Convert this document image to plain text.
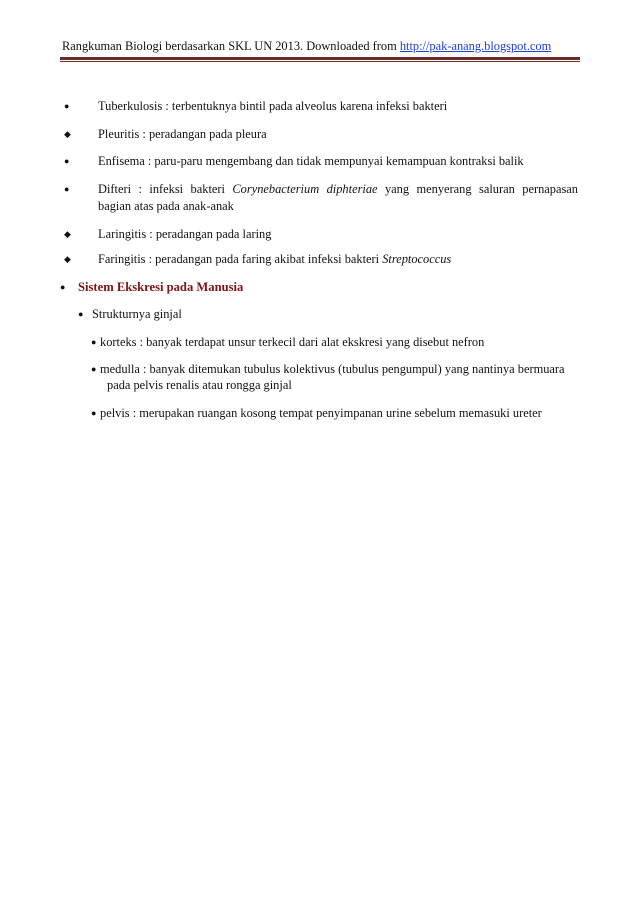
Rangkuman Biologi berdasarkan SKL UN 2013. Downloaded from http://pak-anang.blogspot.com
● Tuberkulosis : terbentuknya bintil pada alveolus karena infeksi bakteri
◆ Pleuritis : peradangan pada pleura
● Enfisema : paru-paru mengembang dan tidak mempunyai kemampuan kontraksi balik
● Difteri : infeksi bakteri Corynebacterium diphteriae yang menyerang saluran pernapasan
bagian atas pada anak-anak
◆ Laringitis : peradangan pada laring
◆ Faringitis : peradangan pada faring akibat infeksi bakteri Streptococcus
● Sistem Ekskresi pada Manusia
● Strukturnya ginjal
● korteks : banyak terdapat unsur terkecil dari alat ekskresi yang disebut nefron
● medulla : banyak ditemukan tubulus kolektivus (tubulus pengumpul) yang nantinya bermuara
pada pelvis renalis atau rongga ginjal
● pelvis : merupakan ruangan kosong tempat penyimpanan urine sebelum memasuki ureter
